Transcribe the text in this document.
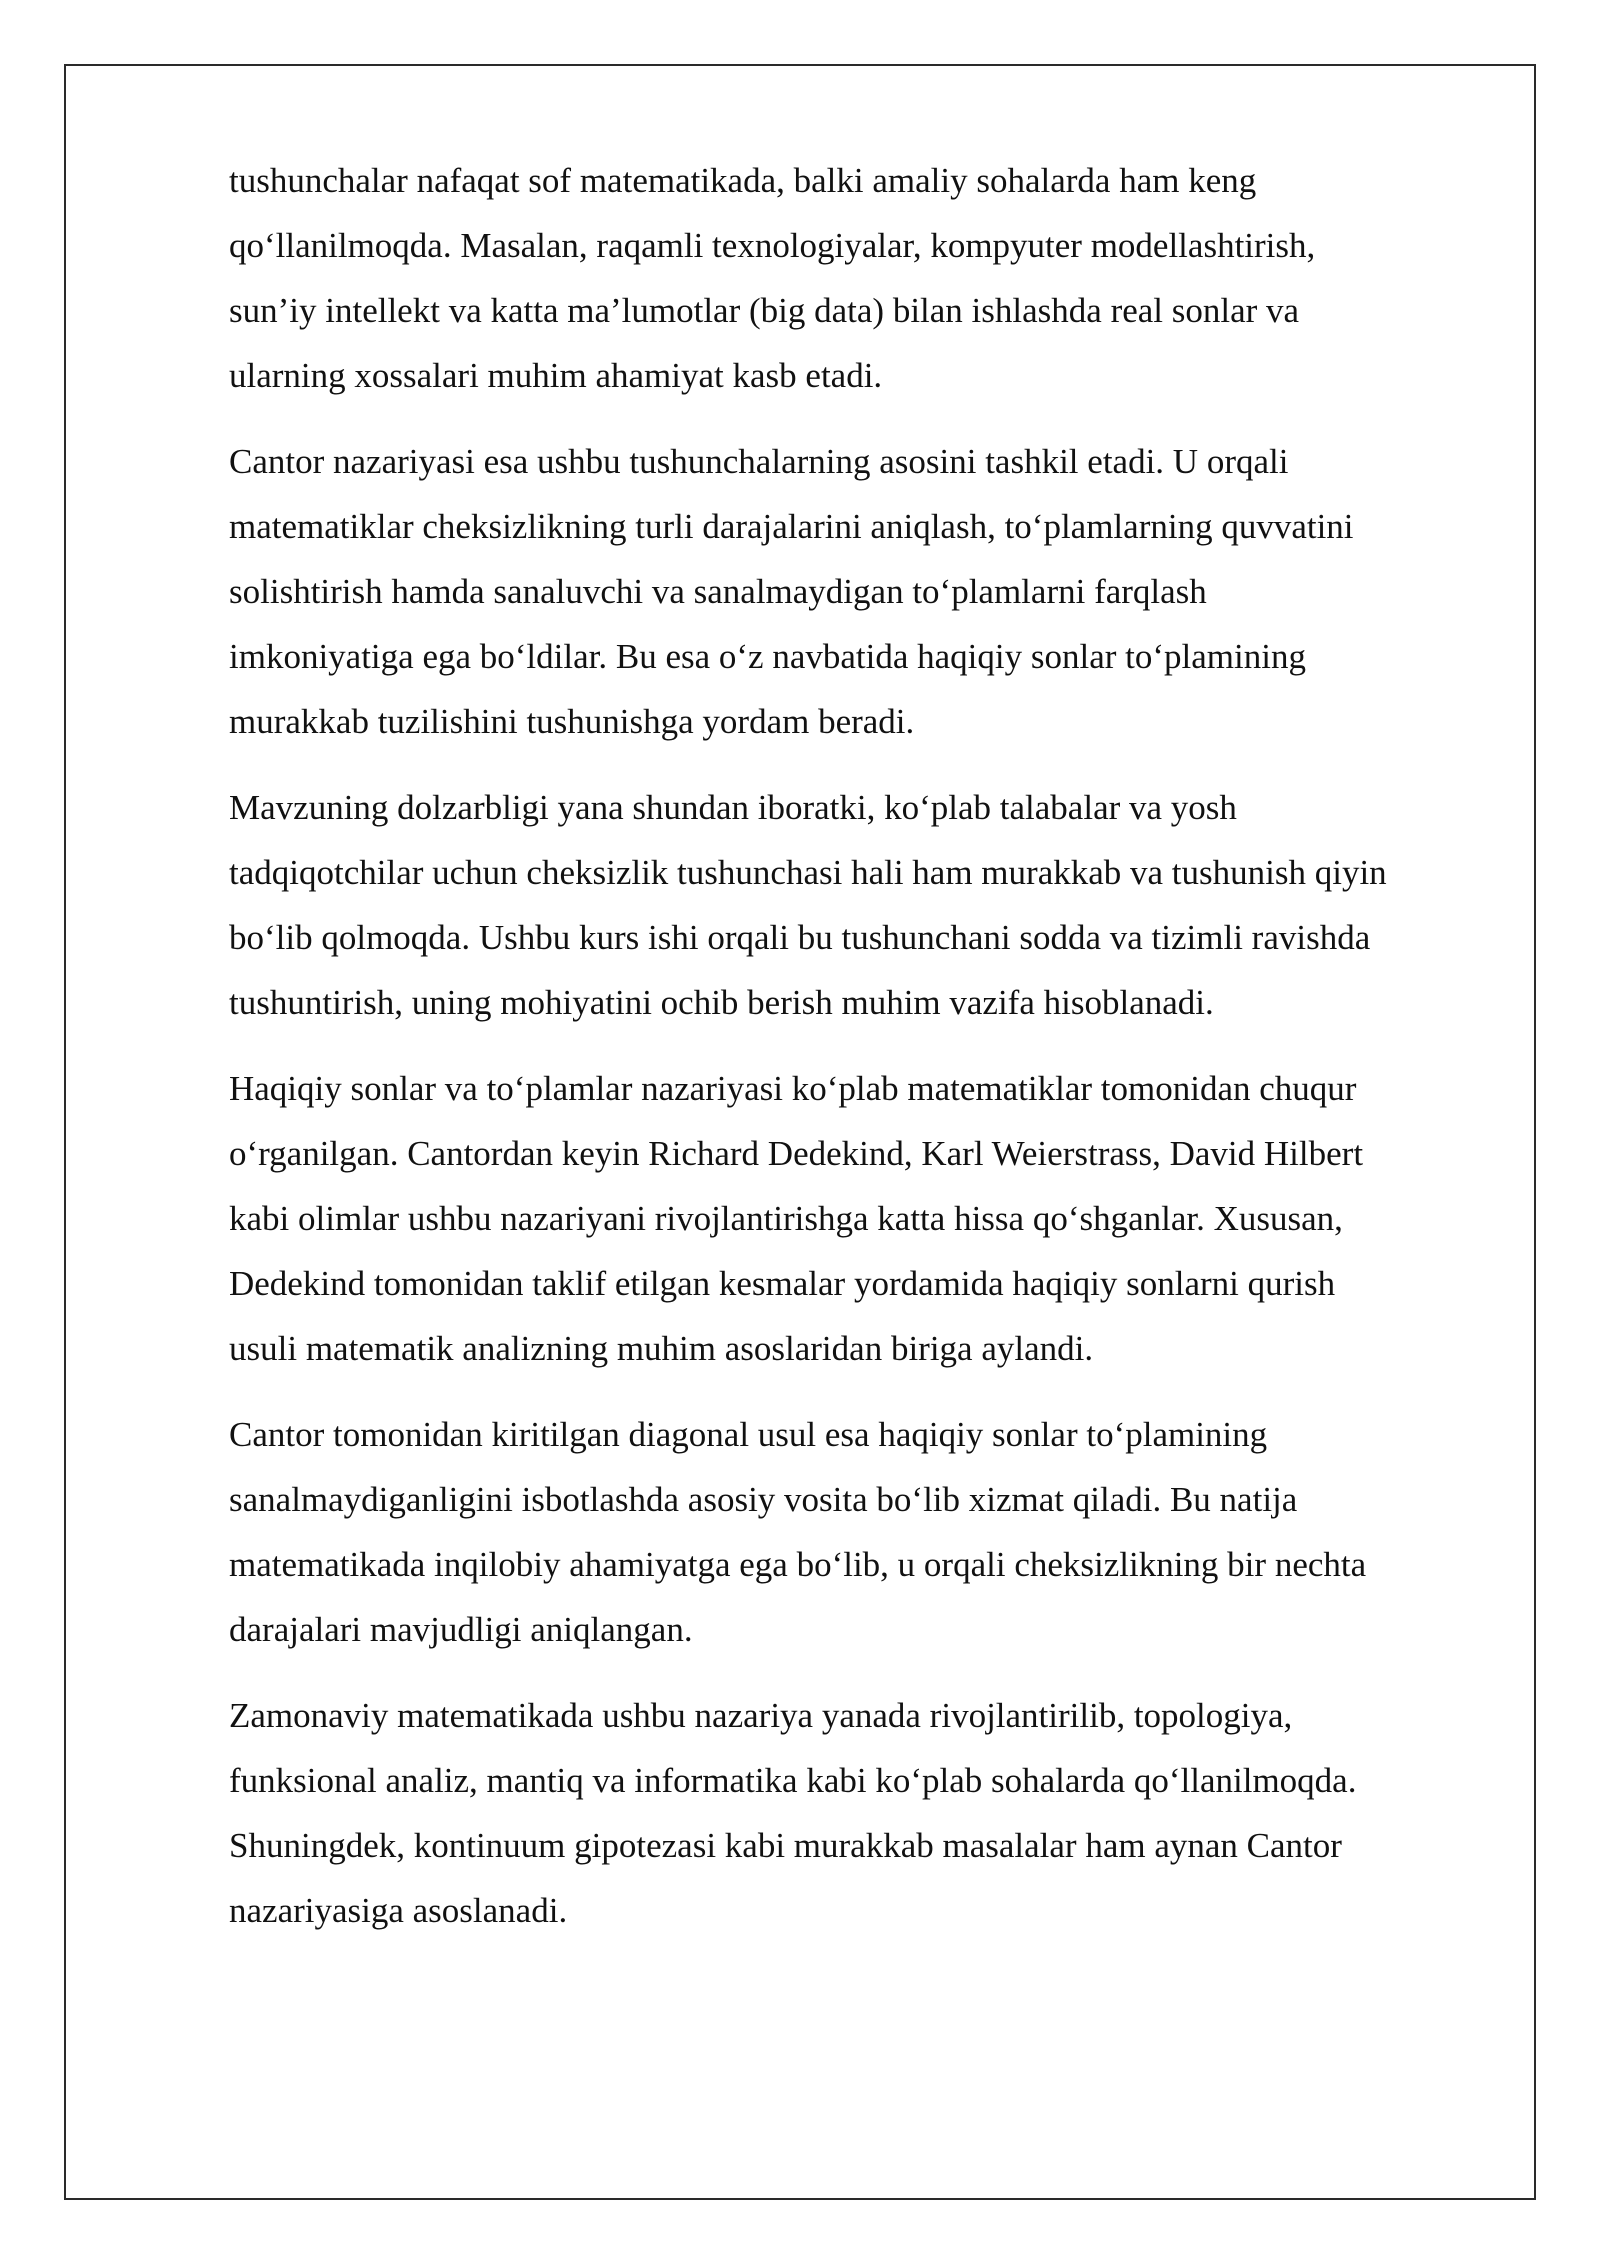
tushunchalar nafaqat sof matematikada, balki amaliy sohalarda ham keng
qo‘llanilmoqda. Masalan, raqamli texnologiyalar, kompyuter modellashtirish,
sun’iy intellekt va katta ma’lumotlar (big data) bilan ishlashda real sonlar va
ularning xossalari muhim ahamiyat kasb etadi.

Cantor nazariyasi esa ushbu tushunchalarning asosini tashkil etadi. U orqali
matematiklar cheksizlikning turli darajalarini aniqlash, to‘plamlarning quvvatini
solishtirish hamda sanaluvchi va sanalmaydigan to‘plamlarni farqlash
imkoniyatiga ega bo‘ldilar. Bu esa o‘z navbatida haqiqiy sonlar to‘plamining
murakkab tuzilishini tushunishga yordam beradi.

Mavzuning dolzarbligi yana shundan iboratki, ko‘plab talabalar va yosh
tadqiqotchilar uchun cheksizlik tushunchasi hali ham murakkab va tushunish qiyin
bo‘lib qolmoqda. Ushbu kurs ishi orqali bu tushunchani sodda va tizimli ravishda
tushuntirish, uning mohiyatini ochib berish muhim vazifa hisoblanadi.

Haqiqiy sonlar va to‘plamlar nazariyasi ko‘plab matematiklar tomonidan chuqur
o‘rganilgan. Cantordan keyin Richard Dedekind, Karl Weierstrass, David Hilbert
kabi olimlar ushbu nazariyani rivojlantirishga katta hissa qo‘shganlar. Xususan,
Dedekind tomonidan taklif etilgan kesmalar yordamida haqiqiy sonlarni qurish
usuli matematik analizning muhim asoslaridan biriga aylandi.

Cantor tomonidan kiritilgan diagonal usul esa haqiqiy sonlar to‘plamining
sanalmaydiganligini isbotlashda asosiy vosita bo‘lib xizmat qiladi. Bu natija
matematikada inqilobiy ahamiyatga ega bo‘lib, u orqali cheksizlikning bir nechta
darajalari mavjudligi aniqlangan.

Zamonaviy matematikada ushbu nazariya yanada rivojlantirilib, topologiya,
funksional analiz, mantiq va informatika kabi ko‘plab sohalarda qo‘llanilmoqda.
Shuningdek, kontinuum gipotezasi kabi murakkab masalalar ham aynan Cantor
nazariyasiga asoslanadi.
